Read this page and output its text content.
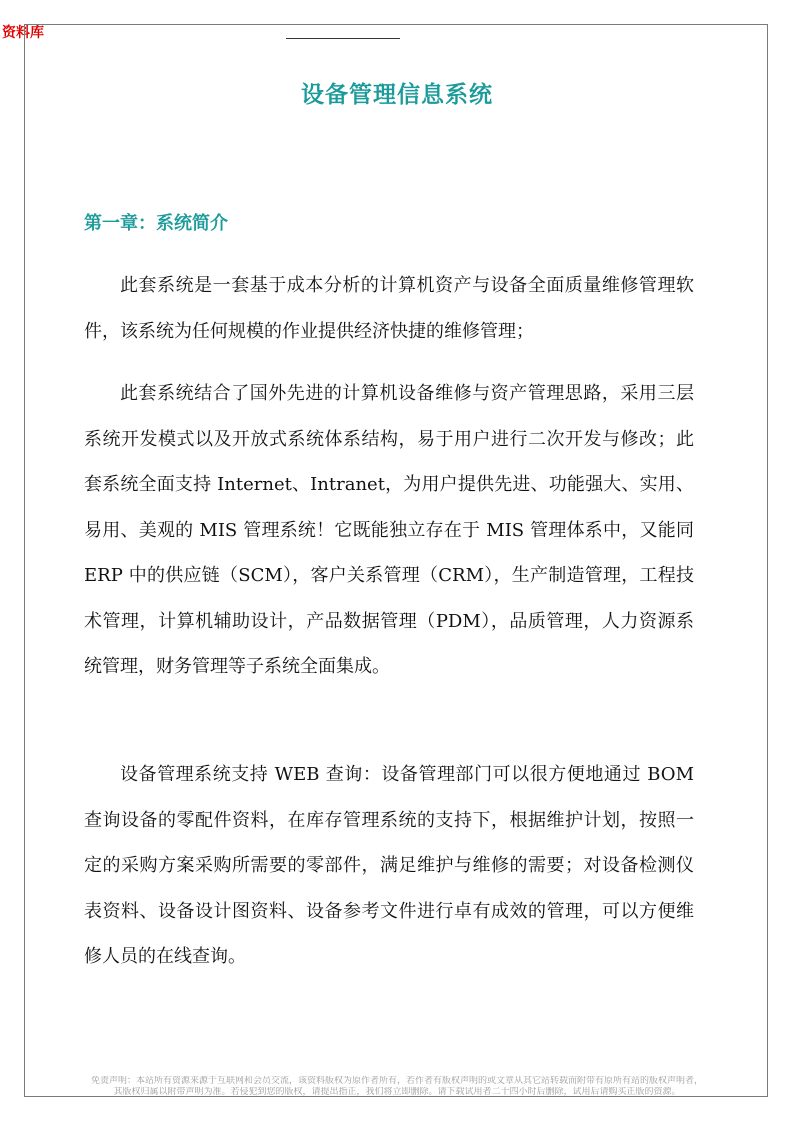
资料库
设备管理信息系统
第一章：系统简介

此套系统是一套基于成本分析的计算机资产与设备全面质量维修管理软件，该系统为任何规模的作业提供经济快捷的维修管理；

此套系统结合了国外先进的计算机设备维修与资产管理思路，采用三层系统开发模式以及开放式系统体系结构，易于用户进行二次开发与修改；此套系统全面支持 Internet、Intranet，为用户提供先进、功能强大、实用、易用、美观的 MIS 管理系统！它既能独立存在于 MIS 管理体系中，又能同 ERP 中的供应链（SCM），客户关系管理（CRM），生产制造管理，工程技术管理，计算机辅助设计，产品数据管理（PDM），品质管理，人力资源系统管理，财务管理等子系统全面集成。

设备管理系统支持 WEB 查询：设备管理部门可以很方便地通过 BOM 查询设备的零配件资料，在库存管理系统的支持下，根据维护计划，按照一定的采购方案采购所需要的零部件，满足维护与维修的需要；对设备检测仪表资料、设备设计图资料、设备参考文件进行卓有成效的管理，可以方便维修人员的在线查询。

免责声明：本站所有资源来源于互联网和会员交流，该资料版权为原作者所有，若作者有版权声明的或文章从其它站转载而附带有原所有站的版权声明者，
其版权归属以附带声明为准。若侵犯到您的版权，请提出指正，我们将立即删除。请下载试用者二十四小时后删除，试用后请购买正版的资源。
